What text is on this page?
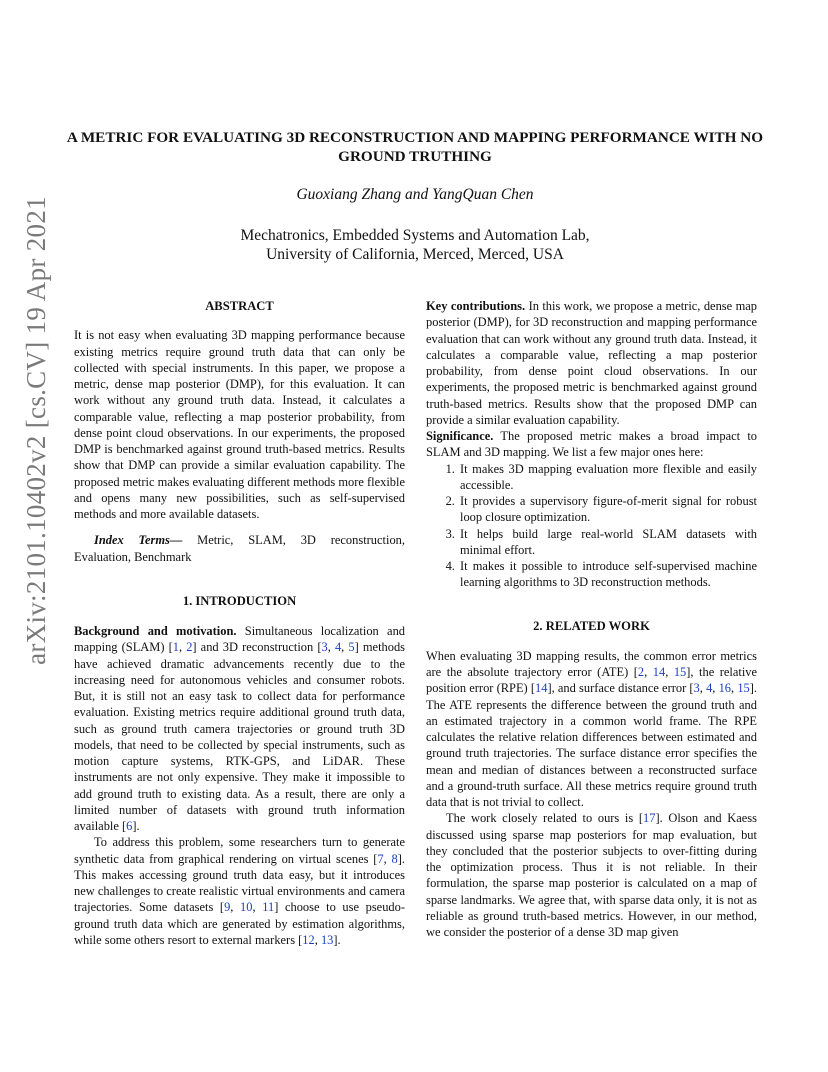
arXiv:2101.10402v2 [cs.CV] 19 Apr 2021
A METRIC FOR EVALUATING 3D RECONSTRUCTION AND MAPPING PERFORMANCE WITH NO GROUND TRUTHING
Guoxiang Zhang and YangQuan Chen
Mechatronics, Embedded Systems and Automation Lab,
University of California, Merced, Merced, USA
ABSTRACT

It is not easy when evaluating 3D mapping performance because existing metrics require ground truth data that can only be collected with special instruments. In this paper, we propose a metric, dense map posterior (DMP), for this evaluation. It can work without any ground truth data. Instead, it calculates a comparable value, reflecting a map posterior probability, from dense point cloud observations. In our experiments, the proposed DMP is benchmarked against ground truth-based metrics. Results show that DMP can provide a similar evaluation capability. The proposed metric makes evaluating different methods more flexible and opens many new possibilities, such as self-supervised methods and more available datasets.

Index Terms— Metric, SLAM, 3D reconstruction, Evaluation, Benchmark

1. INTRODUCTION

Background and motivation. Simultaneous localization and mapping (SLAM) [1, 2] and 3D reconstruction [3, 4, 5] methods have achieved dramatic advancements recently due to the increasing need for autonomous vehicles and consumer robots. But, it is still not an easy task to collect data for performance evaluation. Existing metrics require additional ground truth data, such as ground truth camera trajectories or ground truth 3D models, that need to be collected by special instruments, such as motion capture systems, RTK-GPS, and LiDAR. These instruments are not only expensive. They make it impossible to add ground truth to existing data. As a result, there are only a limited number of datasets with ground truth information available [6].

To address this problem, some researchers turn to generate synthetic data from graphical rendering on virtual scenes [7, 8]. This makes accessing ground truth data easy, but it introduces new challenges to create realistic virtual environments and camera trajectories. Some datasets [9, 10, 11] choose to use pseudo-ground truth data which are generated by estimation algorithms, while some others resort to external markers [12, 13].

Key contributions. In this work, we propose a metric, dense map posterior (DMP), for 3D reconstruction and mapping performance evaluation that can work without any ground truth data. Instead, it calculates a comparable value, reflecting a map posterior probability, from dense point cloud observations. In our experiments, the proposed metric is benchmarked against ground truth-based metrics. Results show that the proposed DMP can provide a similar evaluation capability.

Significance. The proposed metric makes a broad impact to SLAM and 3D mapping. We list a few major ones here:

1. It makes 3D mapping evaluation more flexible and easily accessible.
2. It provides a supervisory figure-of-merit signal for robust loop closure optimization.
3. It helps build large real-world SLAM datasets with minimal effort.
4. It makes it possible to introduce self-supervised machine learning algorithms to 3D reconstruction methods.
2. RELATED WORK

When evaluating 3D mapping results, the common error metrics are the absolute trajectory error (ATE) [2, 14, 15], the relative position error (RPE) [14], and surface distance error [3, 4, 16, 15]. The ATE represents the difference between the ground truth and an estimated trajectory in a common world frame. The RPE calculates the relative relation differences between estimated and ground truth trajectories. The surface distance error specifies the mean and median of distances between a reconstructed surface and a ground-truth surface. All these metrics require ground truth data that is not trivial to collect.

The work closely related to ours is [17]. Olson and Kaess discussed using sparse map posteriors for map evaluation, but they concluded that the posterior subjects to over-fitting during the optimization process. Thus it is not reliable. In their formulation, the sparse map posterior is calculated on a map of sparse landmarks. We agree that, with sparse data only, it is not as reliable as ground truth-based metrics. However, in our method, we consider the posterior of a dense 3D map given
